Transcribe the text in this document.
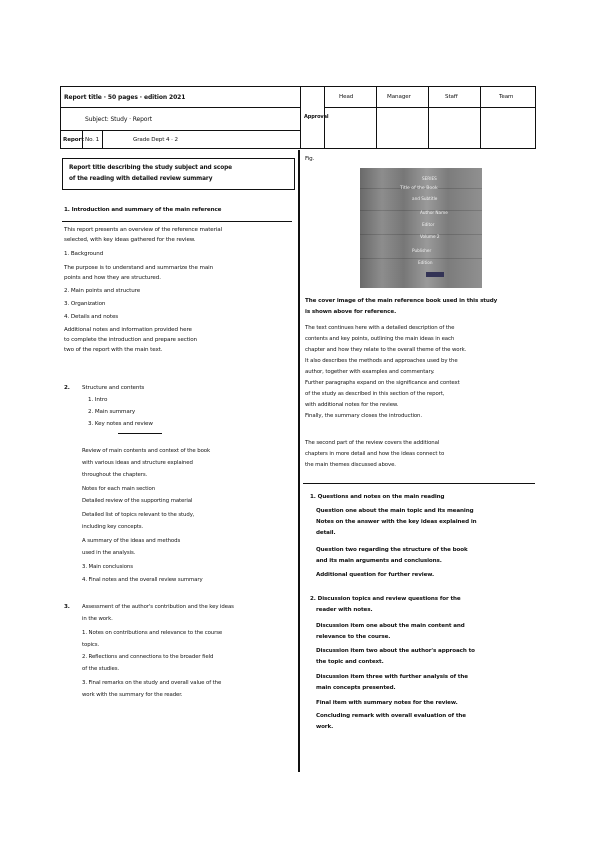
Report title · 50 pages · edition 2021
Subject: Study · Report
Report No. 1	Grade Dept 4 · 2
Approval
Head	Manager	Staff	Team
Report title describing the study subject and scope
of the reading with detailed review summary
1. Introduction and summary of the main reference
This report presents an overview of the reference material
selected, with key ideas gathered for the review.
1. Background
The purpose is to understand and summarize the main
points and how they are structured.
2. Main points and structure
3. Organization
4. Details and notes
Additional notes and information provided here
to complete the introduction and prepare section
two of the report with the main text.
2. Structure and contents
1. Intro
2. Main summary
3. Key notes and review
Review of main contents and context of the book
with various ideas and structure explained
throughout the chapters.
Notes for each main section
Detailed review of the supporting material
Detailed list of topics relevant to the study,
including key concepts.
A summary of the ideas and methods
used in the analysis.
3. Main conclusions
4. Final notes and the overall review summary
3. Assessment of the author's contribution and the key ideas
in the work.
1. Notes on contributions and relevance to the course
topics.
2. Reflections and connections to the broader field
of the studies.
3. Final remarks on the study and overall value of the
work with the summary for the reader.
Fig.
SERIES
Title of the Book
and Subtitle
Author Name
Editor
Volume 2
Publisher
Edition
The cover image of the main reference book used in this study
is shown above for reference.
The text continues here with a detailed description of the
contents and key points, outlining the main ideas in each
chapter and how they relate to the overall theme of the work.
It also describes the methods and approaches used by the
author, together with examples and commentary.
Further paragraphs expand on the significance and context
of the study as described in this section of the report,
with additional notes for the review.
Finally, the summary closes the introduction.
The second part of the review covers the additional
chapters in more detail and how the ideas connect to
the main themes discussed above.
1. Questions and notes on the main reading
Question one about the main topic and its meaning
Notes on the answer with the key ideas explained in
detail.
Question two regarding the structure of the book
and its main arguments and conclusions.
Additional question for further review.
2. Discussion topics and review questions for the
reader with notes.
Discussion item one about the main content and
relevance to the course.
Discussion item two about the author's approach to
the topic and context.
Discussion item three with further analysis of the
main concepts presented.
Final item with summary notes for the review.
Concluding remark with overall evaluation of the
work.
